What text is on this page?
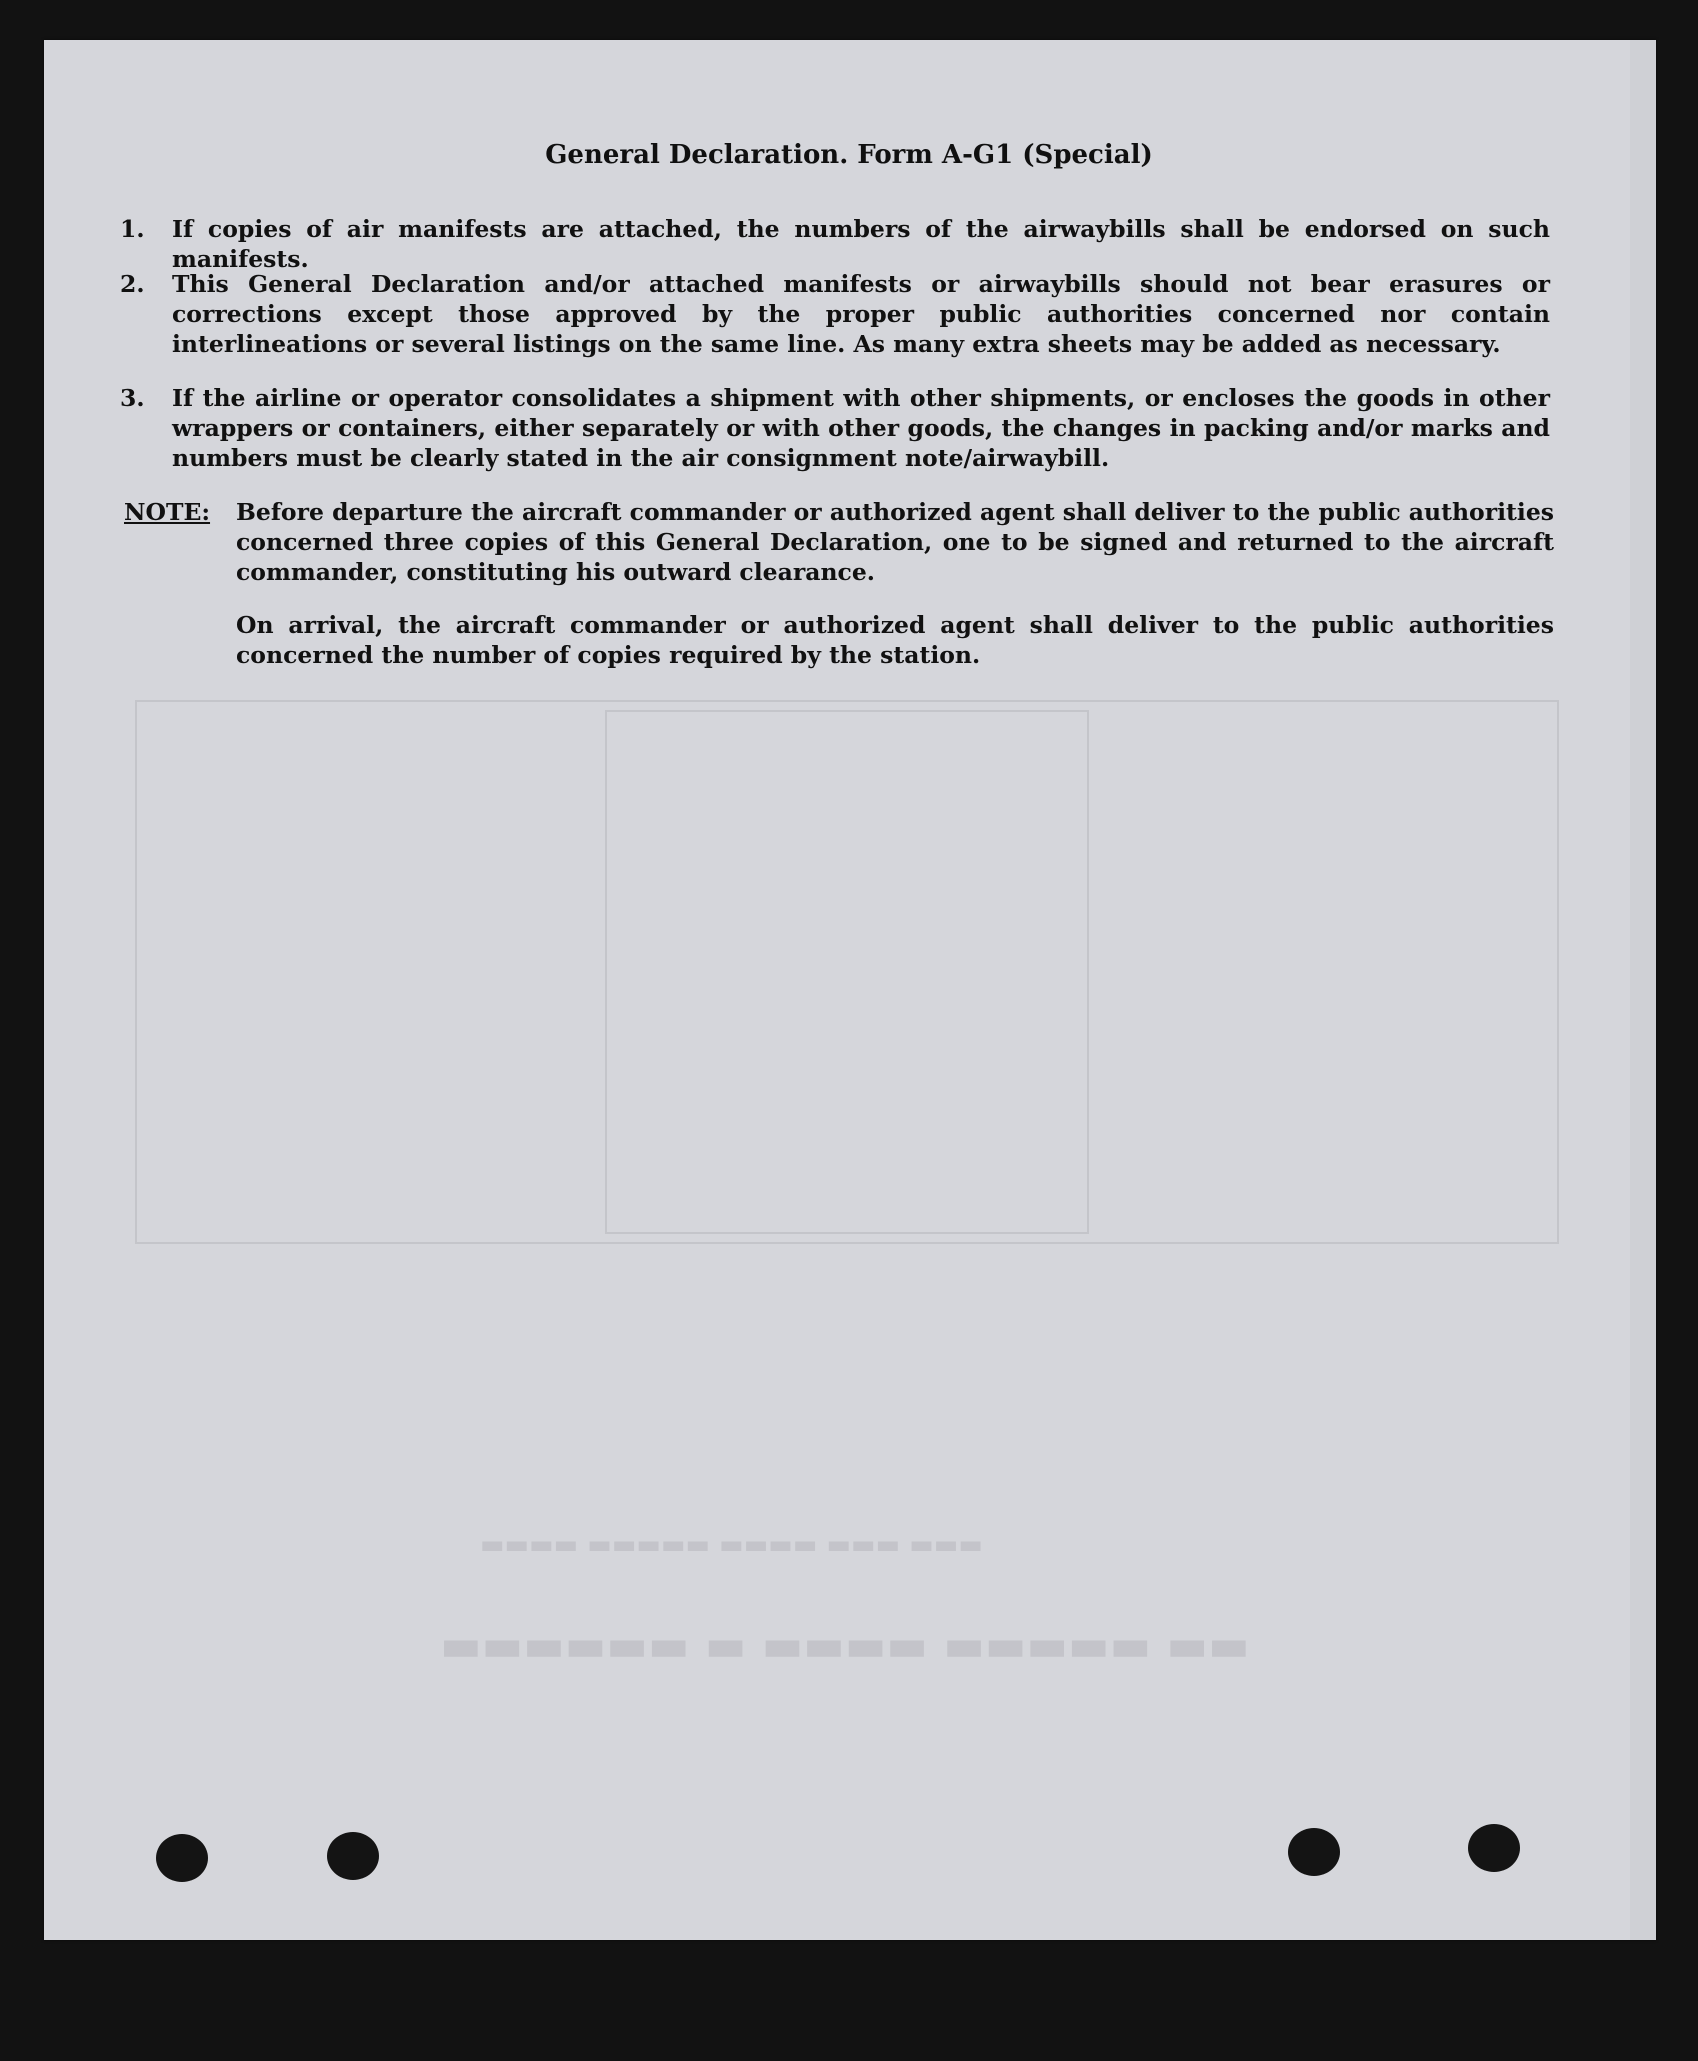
▬▬▬ ▬▬▬ ▬▬▬▬ ▬▬▬▬▬ ▬▬▬▬
▬▬ ▬▬▬▬▬ ▬▬▬▬ ▬ ▬▬▬▬▬▬
General Declaration. Form A-G1 (Special)
1.	If copies of air manifests are attached, the numbers of the airwaybills shall be endorsed on such manifests.
2.	This General Declaration and/or attached manifests or airwaybills should not bear erasures or corrections except those approved by the proper public authorities concerned nor contain interlineations or several listings on the same line. As many extra sheets may be added as necessary.
3.	If the airline or operator consolidates a shipment with other shipments, or encloses the goods in other wrappers or containers, either separately or with other goods, the changes in packing and/or marks and numbers must be clearly stated in the air consignment note/airwaybill.
NOTE:	Before departure the aircraft commander or authorized agent shall deliver to the public authorities concerned three copies of this General Declaration, one to be signed and returned to the aircraft commander, constituting his outward clearance.
On arrival, the aircraft commander or authorized agent shall deliver to the public authorities concerned the number of copies required by the station.
